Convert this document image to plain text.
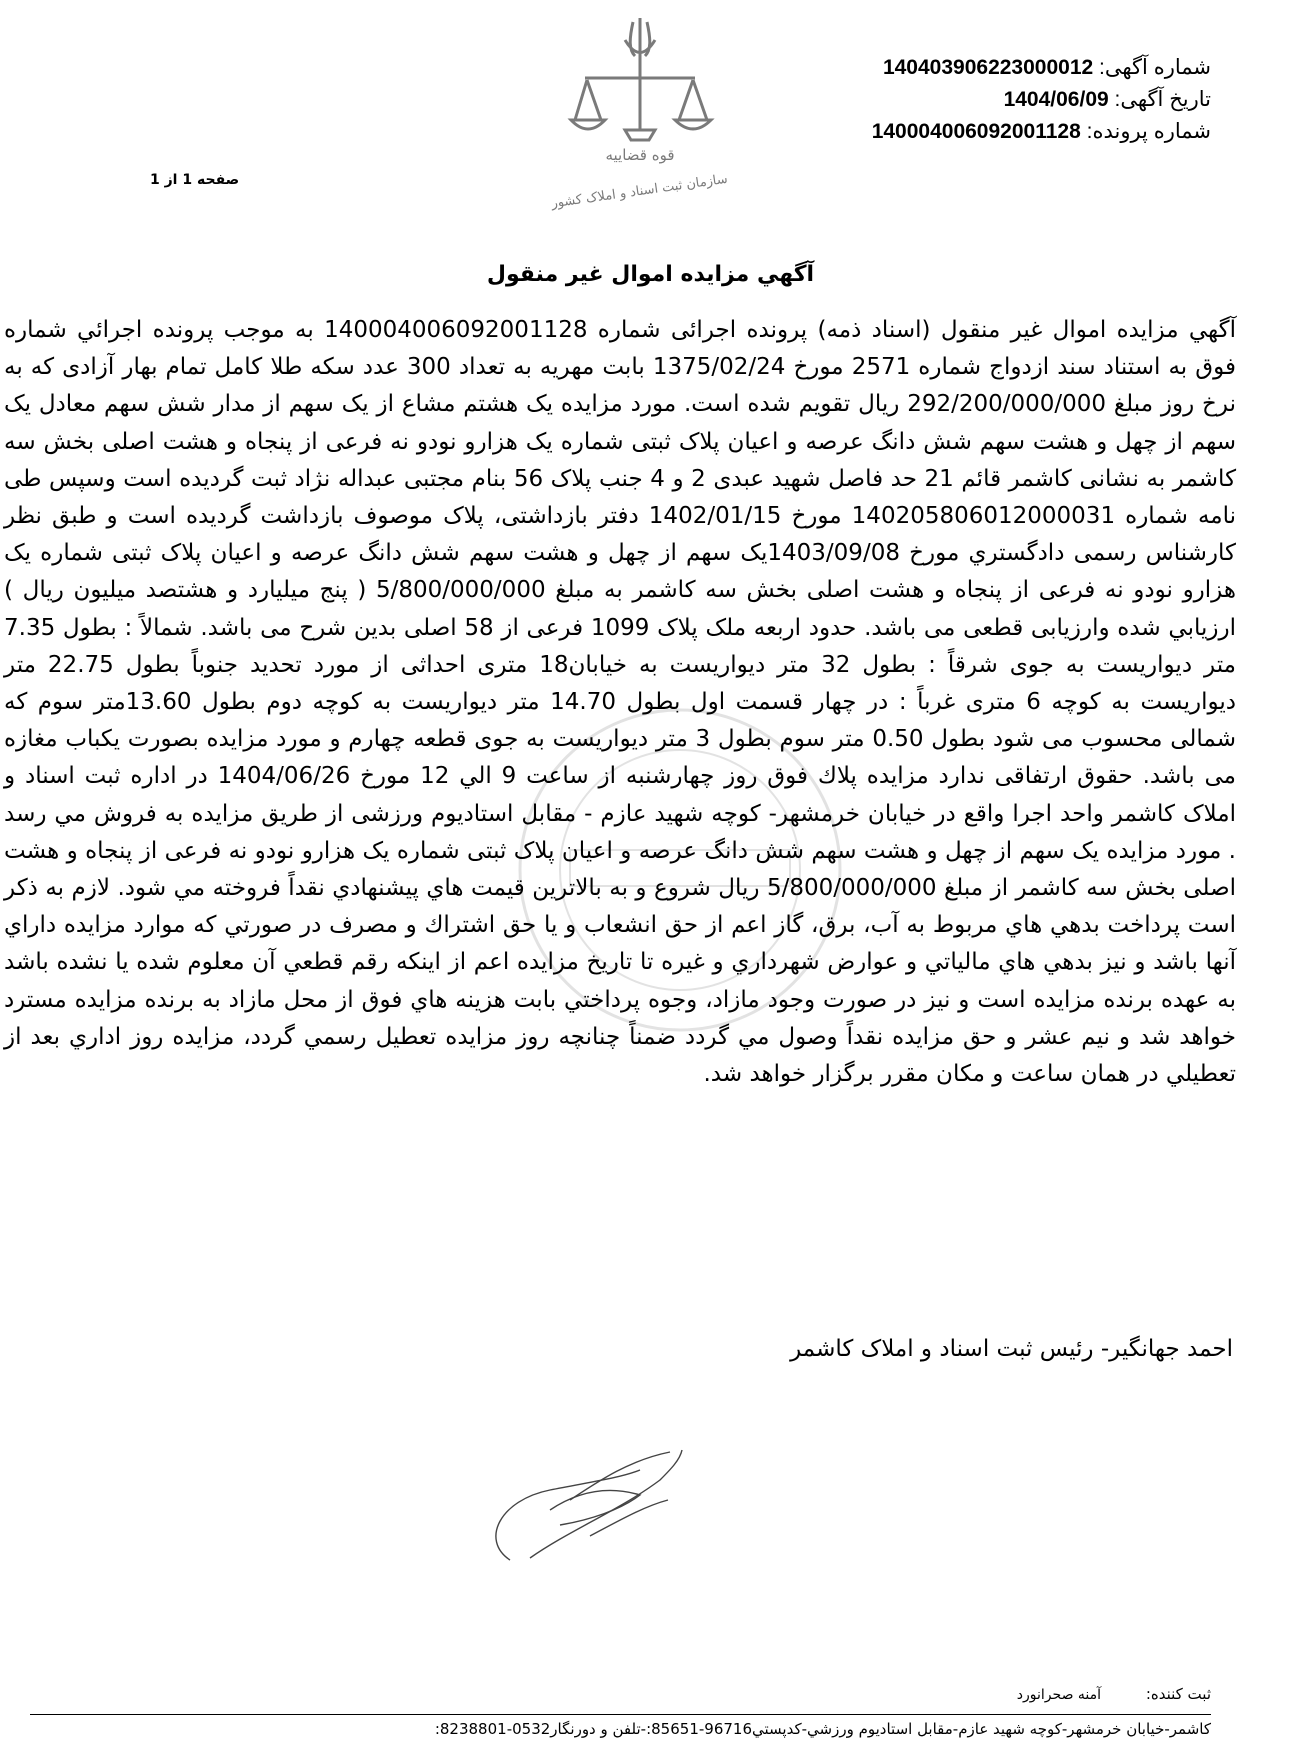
شماره آگهی: 140403906223000012
تاریخ آگهی: 1404/06/09
شماره پرونده: 140004006092001128
صفحه 1 از 1
قوه قضاییه
سازمان ثبت اسناد و املاک کشور
آگهي مزايده اموال غير منقول

آگهي مزايده اموال غير منقول (اسناد ذمه) پرونده اجرائی شماره 140004006092001128 به موجب پرونده اجرائي شماره فوق به استناد سند ازدواج شماره 2571 مورخ 1375/02/24 بابت مهریه به تعداد 300 عدد سکه طلا کامل تمام بهار آزادی که به نرخ روز مبلغ 292/200/000/000 ریال تقویم شده است. مورد مزایده یک هشتم مشاع از یک سهم از مدار شش سهم معادل یک سهم از چهل و هشت سهم شش دانگ عرصه و اعیان پلاک ثبتی شماره یک هزارو نودو نه فرعی از پنجاه و هشت اصلی بخش سه کاشمر به نشانی کاشمر قائم 21 حد فاصل شهید عبدی 2 و 4 جنب پلاک 56 بنام مجتبی عبداله نژاد ثبت گردیده است وسپس طی نامه شماره 140205806012000031 مورخ 1402/01/15 دفتر بازداشتی، پلاک موصوف بازداشت گردیده است و طبق نظر کارشناس رسمی دادگستري مورخ 1403/09/08یک سهم از چهل و هشت سهم شش دانگ عرصه و اعیان پلاک ثبتی شماره یک هزارو نودو نه فرعی از پنجاه و هشت اصلی بخش سه کاشمر به مبلغ 5/800/000/000 ( پنج میلیارد و هشتصد میلیون ریال ) ارزيابي شده وارزیابی قطعی می باشد. حدود اربعه ملک پلاک 1099 فرعی از 58 اصلی بدین شرح می باشد. شمالاً : بطول 7.35 متر دیواریست به جوی شرقاً : بطول 32 متر دیواریست به خیابان18 متری احداثی از مورد تحدید جنوباً بطول 22.75 متر دیواریست به کوچه 6 متری غرباً : در چهار قسمت اول بطول 14.70 متر دیواریست به کوچه دوم بطول 13.60متر سوم که شمالی محسوب می شود بطول 0.50 متر سوم بطول 3 متر دیواریست به جوی قطعه چهارم و مورد مزایده بصورت یکباب مغازه می باشد. حقوق ارتفاقی ندارد مزايده پلاك فوق روز چهارشنبه از ساعت 9 الي 12 مورخ 1404/06/26 در اداره ثبت اسناد و املاک کاشمر واحد اجرا واقع در خیابان خرمشهر- کوچه شهید عازم - مقابل استادیوم ورزشی از طریق مزایده به فروش مي رسد . مورد مزایده یک سهم از چهل و هشت سهم شش دانگ عرصه و اعیان پلاک ثبتی شماره یک هزارو نودو نه فرعی از پنجاه و هشت اصلی بخش سه کاشمر از مبلغ 5/800/000/000 ریال شروع و به بالاترين قيمت هاي پيشنهادي نقداً فروخته مي شود. لازم به ذکر است پرداخت بدهي هاي مربوط به آب، برق، گاز اعم از حق انشعاب و يا حق اشتراك و مصرف در صورتي كه موارد مزايده داراي آنها باشد و نيز بدهي هاي مالياتي و عوارض شهرداري و غيره تا تاريخ مزايده اعم از اينكه رقم قطعي آن معلوم شده يا نشده باشد به عهده برنده مزايده است و نيز در صورت وجود مازاد، وجوه پرداختي بابت هزينه هاي فوق از محل مازاد به برنده مزايده مسترد خواهد شد و نيم عشر و حق مزايده نقداً وصول مي گردد ضمناً چنانچه روز مزايده تعطيل رسمي گردد، مزايده روز اداري بعد از تعطيلي در همان ساعت و مكان مقرر برگزار خواهد شد.

احمد جهانگير- رئيس ثبت اسناد و املاک کاشمر
ثبت کننده: آمنه صحرانورد
کاشمر-خیابان خرمشهر-کوچه شهید عازم-مقابل استادیوم ورزشي-کدپستي96716-85651:-تلفن و دورنگار0532-8238801:
